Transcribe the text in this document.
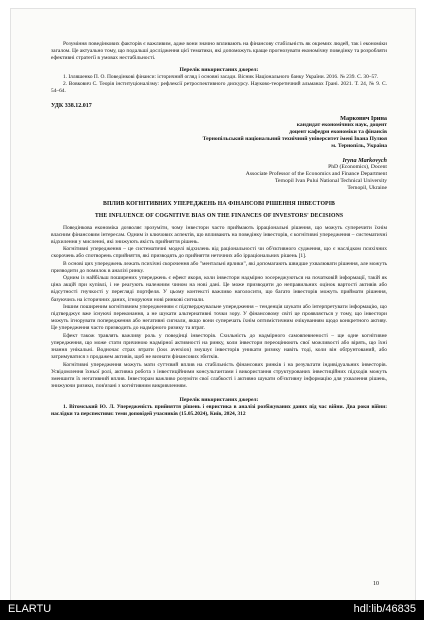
Розуміння поведінкових факторів є важливим, адже вони значно впливають на фінансову стабільність як окремих людей, так і економіки загалом. Це актуально тому, що подальші дослідження цієї тематики, які допоможуть краще прогнозувати економічну поведінку та розробляти ефективні стратегії в умовах нестабільності.

Перелік використаних джерел:

1. Ілляшенко П. О. Поведінкові фінанси: історичний огляд і основні засади. Вісник Національного банку України. 2016. № 239. С. 30–57.

2. Вовкович С. Теорія інституціоналізму: рефлексії ретроспективного дискурсу. Науково-теоретичний альманах Грані. 2021. Т. 24, № 9. С. 54–64.

УДК 338.12.017
Маркович Ірина
кандидат економічних наук, доцент
доцент кафедри економіки та фінансів
Тернопільський національний технічний університет імені Івана Пулюя
м. Тернопіль, Україна
Iryna Markovych
PhD (Economics), Docent
Associate Professor of the Economics and Finance Department
Ternopil Ivan Pului National Technical University
Ternopil, Ukraine
ВПЛИВ КОГНІТИВНИХ УПЕРЕДЖЕНЬ НА ФІНАНСОВІ РІШЕННЯ ІНВЕСТОРІВ
THE INFLUENCE OF COGNITIVE BIAS ON THE FINANCES OF INVESTORS' DECISIONS

Поведінкова економіка дозволяє зрозуміти, чому інвестори часто приймають ірраціональні рішення, що можуть суперечити їхнім власним фінансовим інтересам. Одним із ключових аспектів, що впливають на поведінку інвесторів, є когнітивні упередження – систематичні відхилення у мисленні, які знижують якість прийняття рішень.

Когнітивні упередження – це систематичні моделі відхилень від раціональності чи об'єктивного судження, що є наслідком психічних скорочень або спотворень сприйняття, які призводять до прийняття неточних або ірраціональних рішень [1].

В основі цих упереджень лежать психічні скорочення або "ментальні ярлики", які допомагають швидше ухвалювати рішення, але можуть призводити до помилок в аналізі ринку.

Одним із найбільш поширених упереджень є ефект якоря, коли інвестори надмірно зосереджуються на початковій інформації, такій як ціна акцій при купівлі, і не реагують належним чином на нові дані. Це може призводити до неправильних оцінок вартості активів або відсутності гнучкості у перегляді портфеля. У цьому контексті важливо наголосити, що багато інвесторів можуть приймати рішення, базуючись на історичних даних, ігноруючи нові ринкові сигнали.

Іншим поширеним когнітивним упередженням є підтверджувальне упередження – тенденція шукати або інтерпретувати інформацію, що підтверджує вже існуючі переконання, а не шукати альтернативні точки зору. У фінансовому світі це проявляється у тому, що інвестори можуть ігнорувати попередження або негативні сигнали, якщо вони суперечать їхнім оптимістичним очікуванням щодо конкретного активу. Це упередження часто призводить до надмірного ризику та втрат.

Ефект також травлять важливу роль у поведінці інвесторів. Схильність до надмірного самовпевненості – ще одне когнітивне упередження, що може стати причиною надмірної активності на ринку, коли інвестори переоцінюють свої можливості або вірять, що їхні знання унікальні. Водночас страх втрати (loss aversion) змушує інвесторів уникати ризику навіть тоді, коли він обґрунтований, або затримуватися з продажем активів, щоб не визнати фінансових збитків.

Когнітивні упередження можуть мати суттєвий вплив на стабільність фінансових ринків і на результати індивідуальних інвесторів. Усвідомлення їхньої ролі, активна робота з інвестиційними консультантами і використання структурованих інвестиційних підходів можуть зменшити їх негативний вплив. Інвесторам важливо розуміти свої слабкості і активно шукати об'єктивну інформацію для ухвалення рішень, знижуючи ризики, пов'язані з когнітивним викривленням.

Перелік використаних джерел:

1. Вітомський Ю. Л. Упередженість прийняття рішень і евристика в аналізі розбіжуваних даних під час війни. Два роки війни: наслідки та перспективи: теми доповідей учасників (15.05.2024), Київ, 2024, 312

10
ELARTU	hdl:lib/46835
